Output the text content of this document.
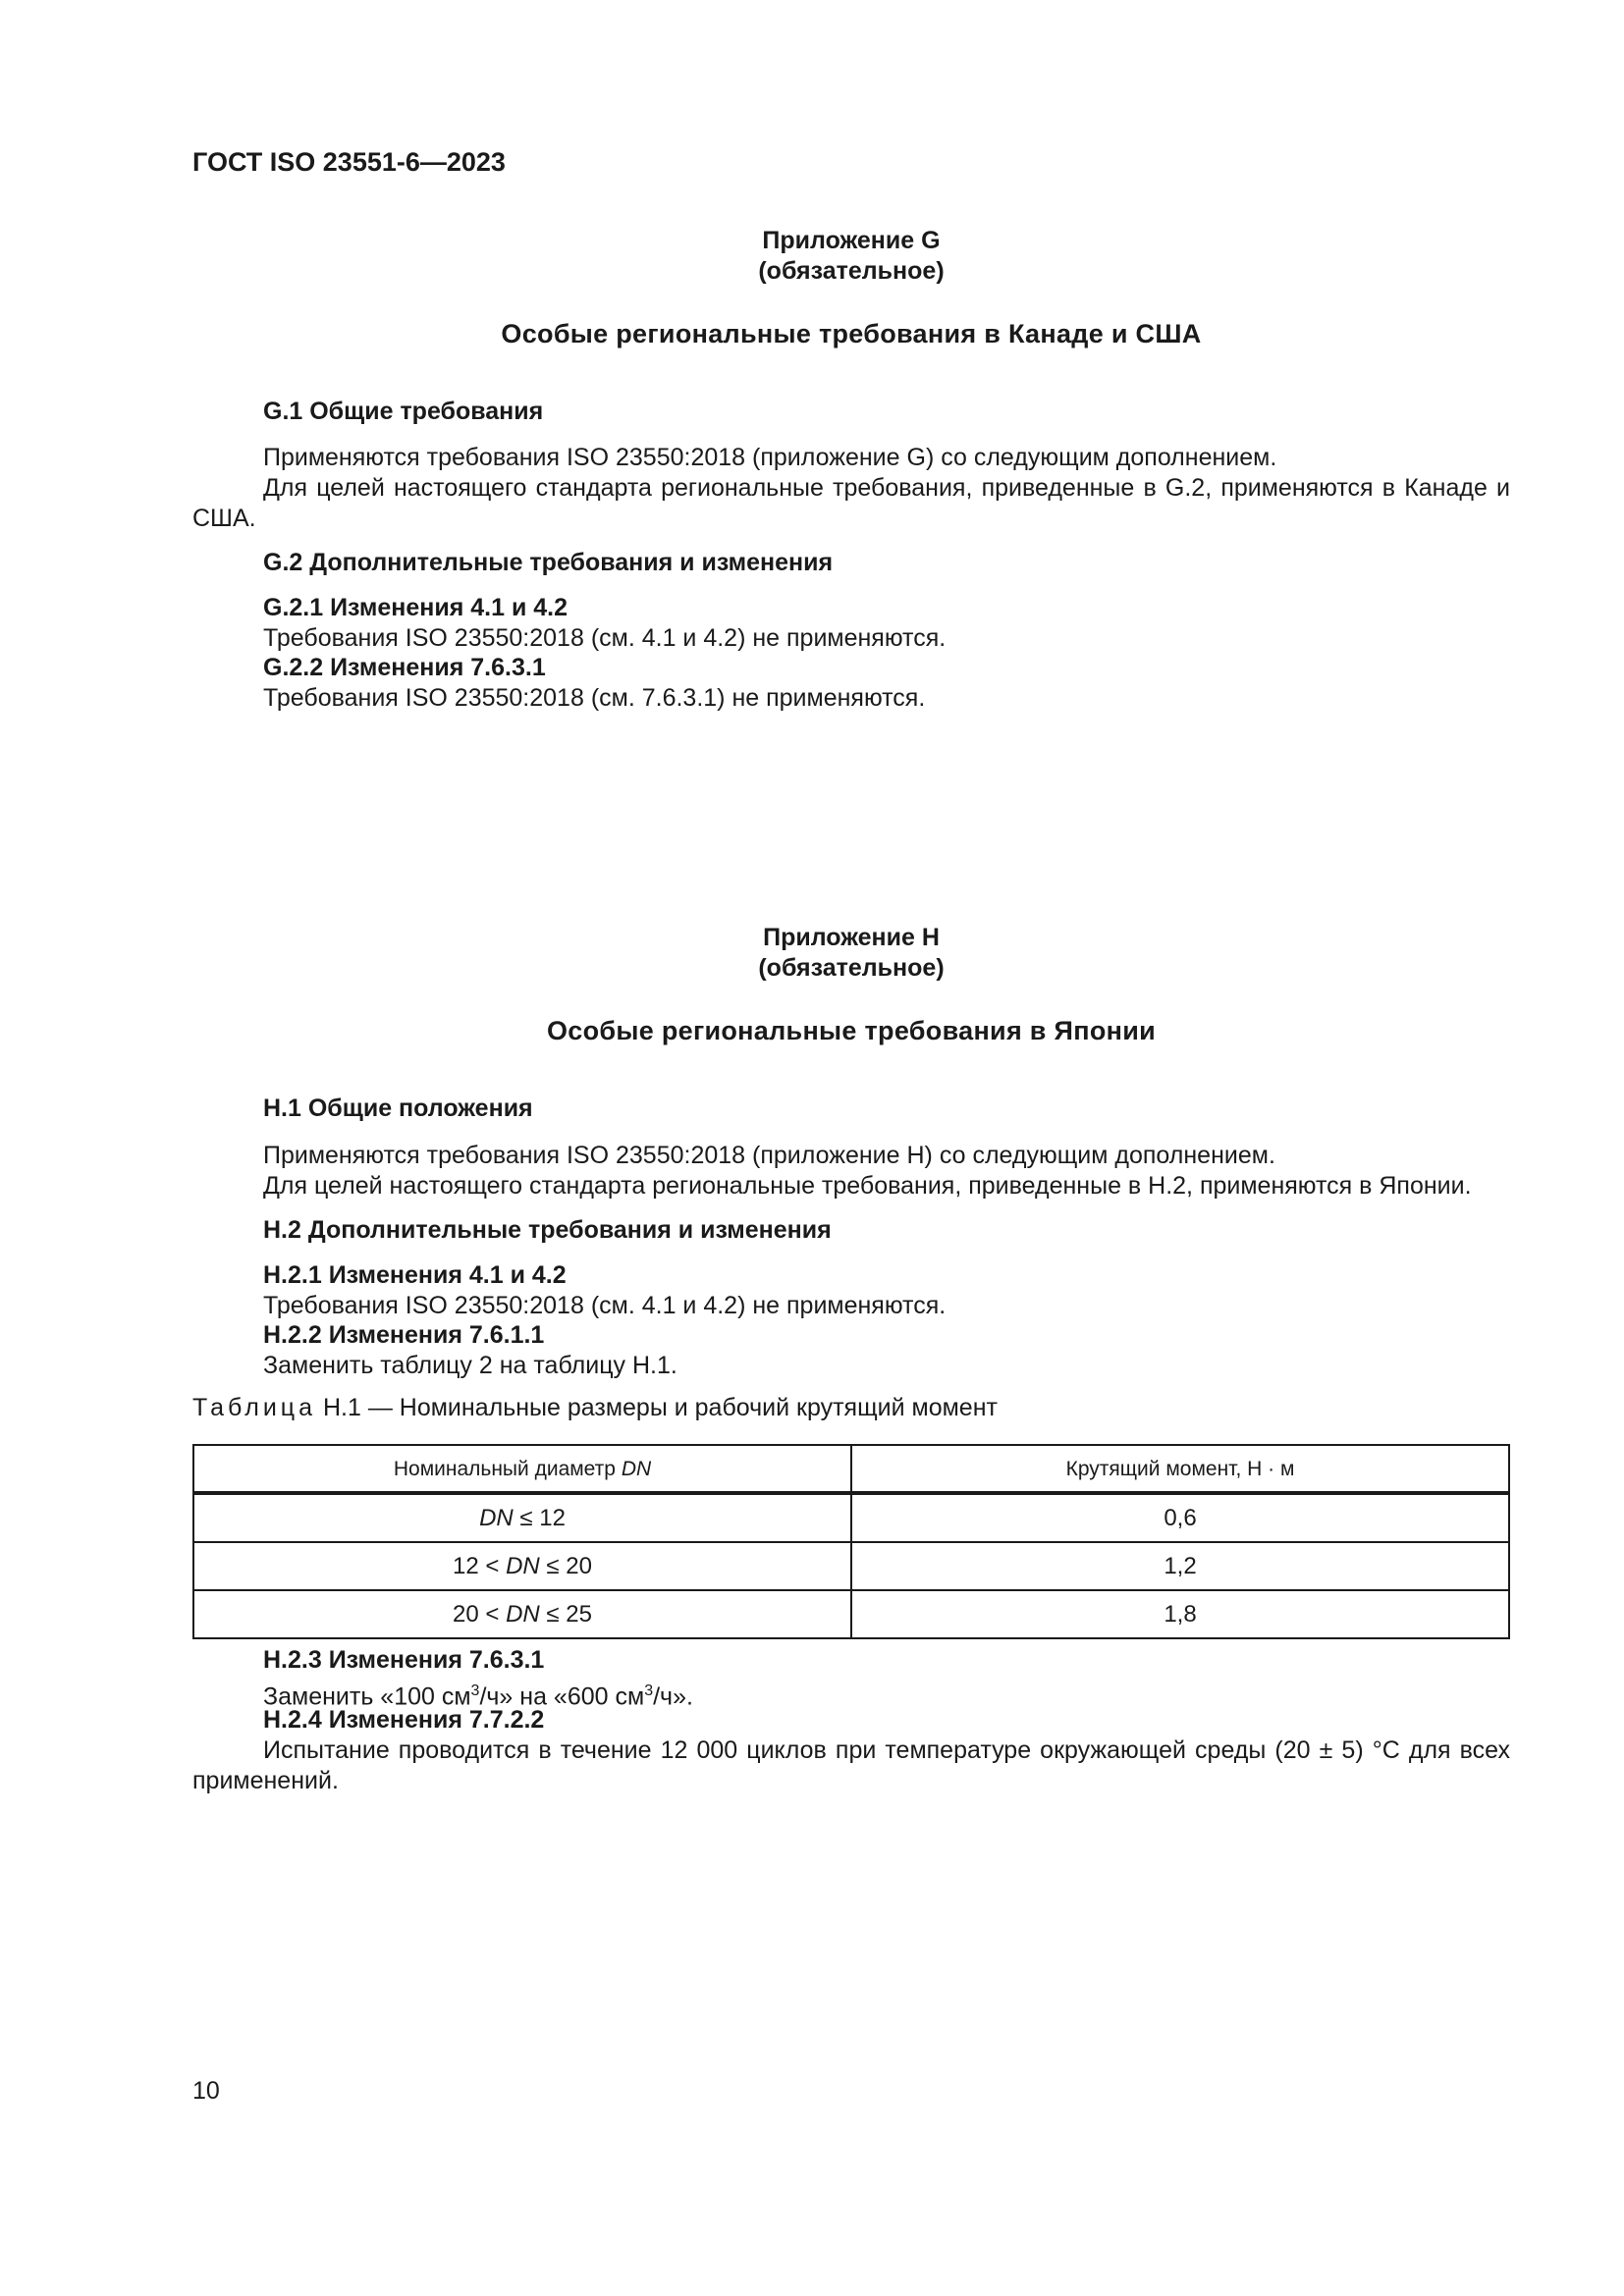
ГОСТ ISO 23551-6—2023
Приложение G
(обязательное)
Особые региональные требования в Канаде и США
G.1 Общие требования
Применяются требования ISO 23550:2018 (приложение G) со следующим дополнением.
Для целей настоящего стандарта региональные требования, приведенные в G.2, применяются в Канаде и США.
G.2 Дополнительные требования и изменения
G.2.1 Изменения 4.1 и 4.2
Требования ISO 23550:2018 (см. 4.1 и 4.2) не применяются.
G.2.2 Изменения 7.6.3.1
Требования ISO 23550:2018 (см. 7.6.3.1) не применяются.
Приложение H
(обязательное)
Особые региональные требования в Японии
H.1 Общие положения
Применяются требования ISO 23550:2018 (приложение H) со следующим дополнением.
Для целей настоящего стандарта региональные требования, приведенные в H.2, применяются в Японии.
H.2 Дополнительные требования и изменения
H.2.1 Изменения 4.1 и 4.2
Требования ISO 23550:2018 (см. 4.1 и 4.2) не применяются.
H.2.2 Изменения 7.6.1.1
Заменить таблицу 2 на таблицу H.1.
Таблица H.1 — Номинальные размеры и рабочий крутящий момент
Номинальный диаметр DN	Крутящий момент, Н · м
DN ≤ 12	0,6
12 < DN ≤ 20	1,2
20 < DN ≤ 25	1,8
H.2.3 Изменения 7.6.3.1
Заменить «100 $см^3/ч$» на «600 $см^3/ч$».
H.2.4 Изменения 7.7.2.2
Испытание проводится в течение 12 000 циклов при температуре окружающей среды (20 ± 5) °С для всех применений.
10
